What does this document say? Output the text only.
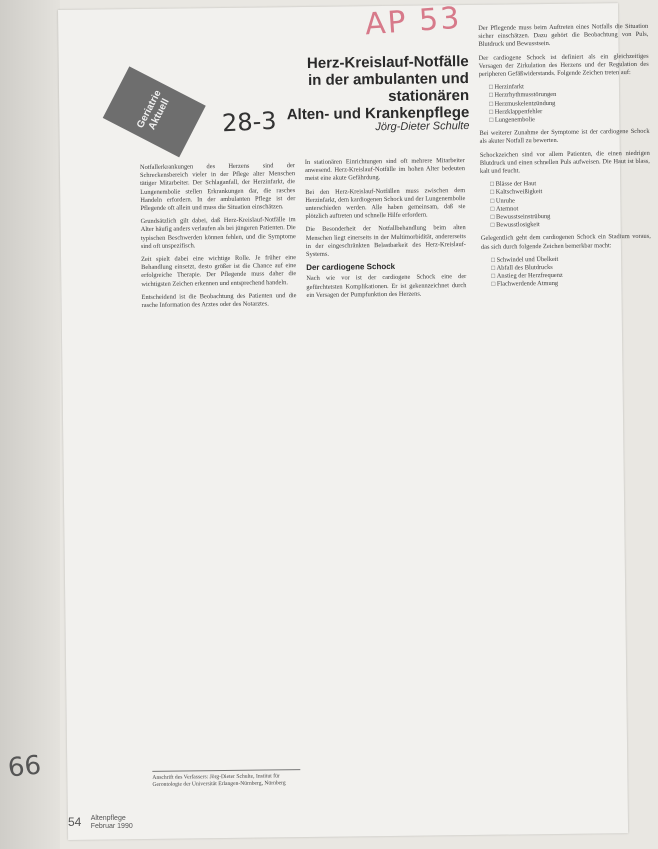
Geriatrie Aktuell
Herz-Kreislauf-Notfälle
in der ambulanten und stationären
Alten- und Krankenpflege
Jörg-Dieter Schulte

Notfallerkrankungen des Herzens sind der Schreckensbereich vieler in der Pflege alter Menschen tätiger Mitarbeiter. Der Schlaganfall, der Herzinfarkt, die Lungenembolie stellen Erkrankungen dar, die rasches Handeln erfordern. In der ambulanten Pflege ist der Pflegende oft allein und muss die Situation einschätzen.

Grundsätzlich gilt dabei, daß Herz-Kreislauf-Notfälle im Alter häufig anders verlaufen als bei jüngeren Patienten. Die typischen Beschwerden können fehlen, und die Symptome sind oft unspezifisch.

Zeit spielt dabei eine wichtige Rolle. Je früher eine Behandlung einsetzt, desto größer ist die Chance auf eine erfolgreiche Therapie. Der Pflegende muss daher die wichtigsten Zeichen erkennen und entsprechend handeln.

Entscheidend ist die Beobachtung des Patienten und die rasche Information des Arztes oder des Notarztes.

In stationären Einrichtungen sind oft mehrere Mitarbeiter anwesend. Herz-Kreislauf-Notfälle im hohen Alter bedeuten meist eine akute Gefährdung.

Bei den Herz-Kreislauf-Notfällen muss zwischen dem Herzinfarkt, dem kardiogenen Schock und der Lungenembolie unterschieden werden. Alle haben gemeinsam, daß sie plötzlich auftreten und schnelle Hilfe erfordern.

Die Besonderheit der Notfallbehandlung beim alten Menschen liegt einerseits in der Multimorbidität, andererseits in der eingeschränkten Belastbarkeit des Herz-Kreislauf-Systems.

Der cardiogene Schock

Nach wie vor ist der cardiogene Schock eine der gefürchtetsten Komplikationen. Er ist gekennzeichnet durch ein Versagen der Pumpfunktion des Herzens.

Der Pflegende muss beim Auftreten eines Notfalls die Situation sicher einschätzen. Dazu gehört die Beobachtung von Puls, Blutdruck und Bewusstsein.

Der cardiogene Schock ist definiert als ein gleichzeitiges Versagen der Zirkulation des Herzens und der Regulation des peripheren Gefäßwiderstands. Folgende Zeichen treten auf:

□ Herzinfarkt
□ Herzrhythmusstörungen
□ Herzmuskelentzündung
□ Herzklappenfehler
□ Lungenembolie

Bei weiterer Zunahme der Symptome ist der cardiogene Schock als akuter Notfall zu bewerten.

Schockzeichen sind vor allem Patienten, die einen niedrigen Blutdruck und einen schnellen Puls aufweisen. Die Haut ist blass, kalt und feucht.

□ Blässe der Haut
□ Kaltschweißigkeit
□ Unruhe
□ Atemnot
□ Bewusstseinstrübung
□ Bewusstlosigkeit

Gelegentlich geht dem cardiogenen Schock ein Stadium voraus, das sich durch folgende Zeichen bemerkbar macht:

□ Schwindel und Übelkeit
□ Abfall des Blutdrucks
□ Anstieg der Herzfrequenz
□ Flachwerdende Atmung
Anschrift des Verfassers: Jörg-Dieter Schulte, Institut für Gerontologie der Universität Erlangen-Nürnberg, Nürnberg
AP 53
28-3
66
54 Altenpflege
Februar 1990
